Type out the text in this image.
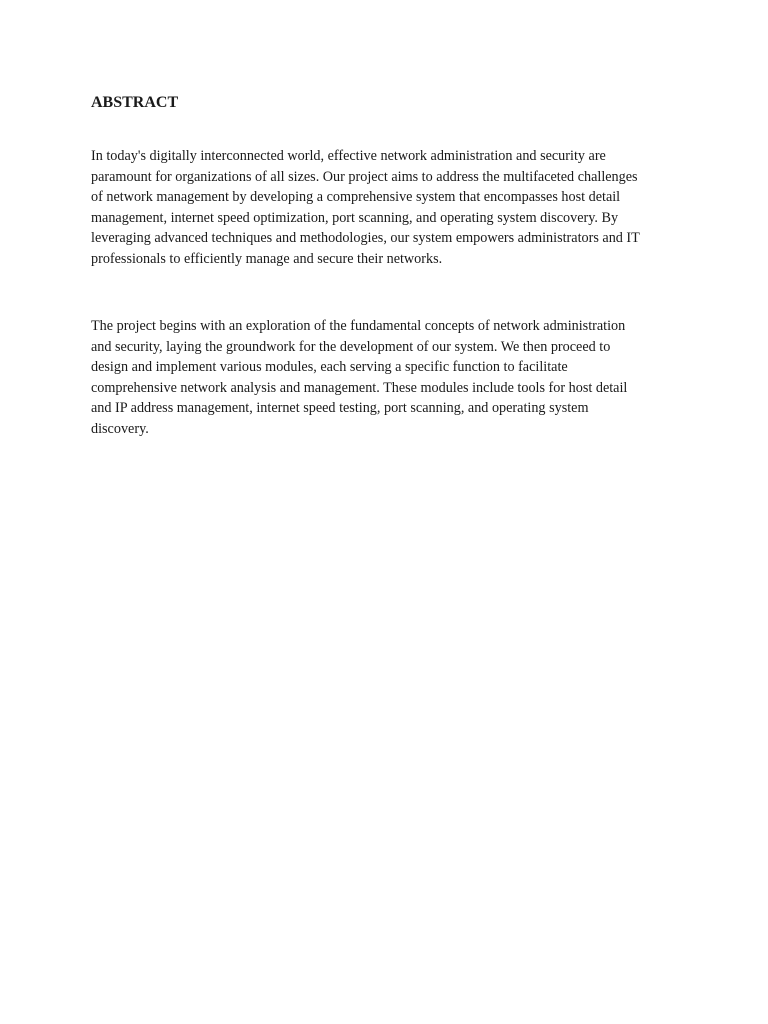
ABSTRACT

In today's digitally interconnected world, effective network administration and security are
paramount for organizations of all sizes. Our project aims to address the multifaceted challenges
of network management by developing a comprehensive system that encompasses host detail
management, internet speed optimization, port scanning, and operating system discovery. By
leveraging advanced techniques and methodologies, our system empowers administrators and IT
professionals to efficiently manage and secure their networks.

The project begins with an exploration of the fundamental concepts of network administration
and security, laying the groundwork for the development of our system. We then proceed to
design and implement various modules, each serving a specific function to facilitate
comprehensive network analysis and management. These modules include tools for host detail
and IP address management, internet speed testing, port scanning, and operating system
discovery.
